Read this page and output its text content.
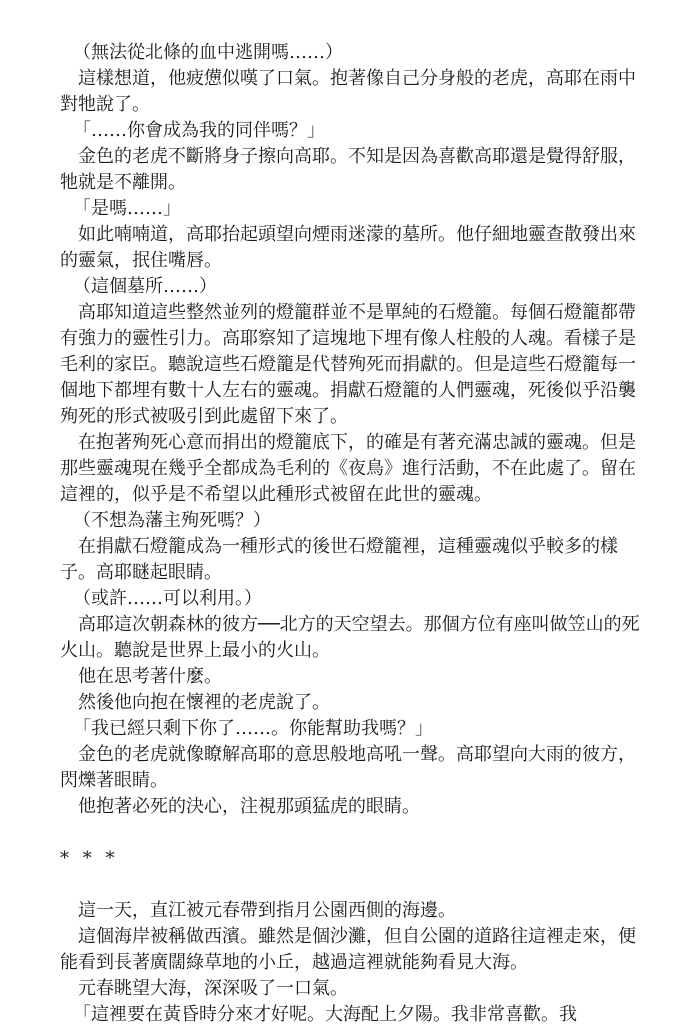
（無法從北條的血中逃開嗎……）

這樣想道，他疲憊似嘆了口氣。抱著像自己分身般的老虎，高耶在雨中對牠說了。

「……你會成為我的同伴嗎？」

金色的老虎不斷將身子擦向高耶。不知是因為喜歡高耶還是覺得舒服，牠就是不離開。

「是嗎……」

如此喃喃道，高耶抬起頭望向煙雨迷濛的墓所。他仔細地靈查散發出來的靈氣，抿住嘴唇。

（這個墓所……）

高耶知道這些整然並列的燈籠群並不是單純的石燈籠。每個石燈籠都帶有強力的靈性引力。高耶察知了這塊地下埋有像人柱般的人魂。看樣子是毛利的家臣。聽說這些石燈籠是代替殉死而捐獻的。但是這些石燈籠每一個地下都埋有數十人左右的靈魂。捐獻石燈籠的人們靈魂，死後似乎沿襲殉死的形式被吸引到此處留下來了。

在抱著殉死心意而捐出的燈籠底下，的確是有著充滿忠誠的靈魂。但是那些靈魂現在幾乎全都成為毛利的《夜鳥》進行活動，不在此處了。留在這裡的，似乎是不希望以此種形式被留在此世的靈魂。

（不想為藩主殉死嗎？）

在捐獻石燈籠成為一種形式的後世石燈籠裡，這種靈魂似乎較多的樣子。高耶瞇起眼睛。

（或許……可以利用。）

高耶這次朝森林的彼方──北方的天空望去。那個方位有座叫做笠山的死火山。聽說是世界上最小的火山。

他在思考著什麼。

然後他向抱在懷裡的老虎說了。

「我已經只剩下你了……。你能幫助我嗎？」

金色的老虎就像瞭解高耶的意思般地高吼一聲。高耶望向大雨的彼方，閃爍著眼睛。

他抱著必死的決心，注視那頭猛虎的眼睛。

* * *

這一天，直江被元春帶到指月公園西側的海邊。

這個海岸被稱做西濱。雖然是個沙灘，但自公園的道路往這裡走來，便能看到長著廣闊綠草地的小丘，越過這裡就能夠看見大海。

元春眺望大海，深深吸了一口氣。

「這裡要在黃昏時分來才好呢。大海配上夕陽。我非常喜歡。我
